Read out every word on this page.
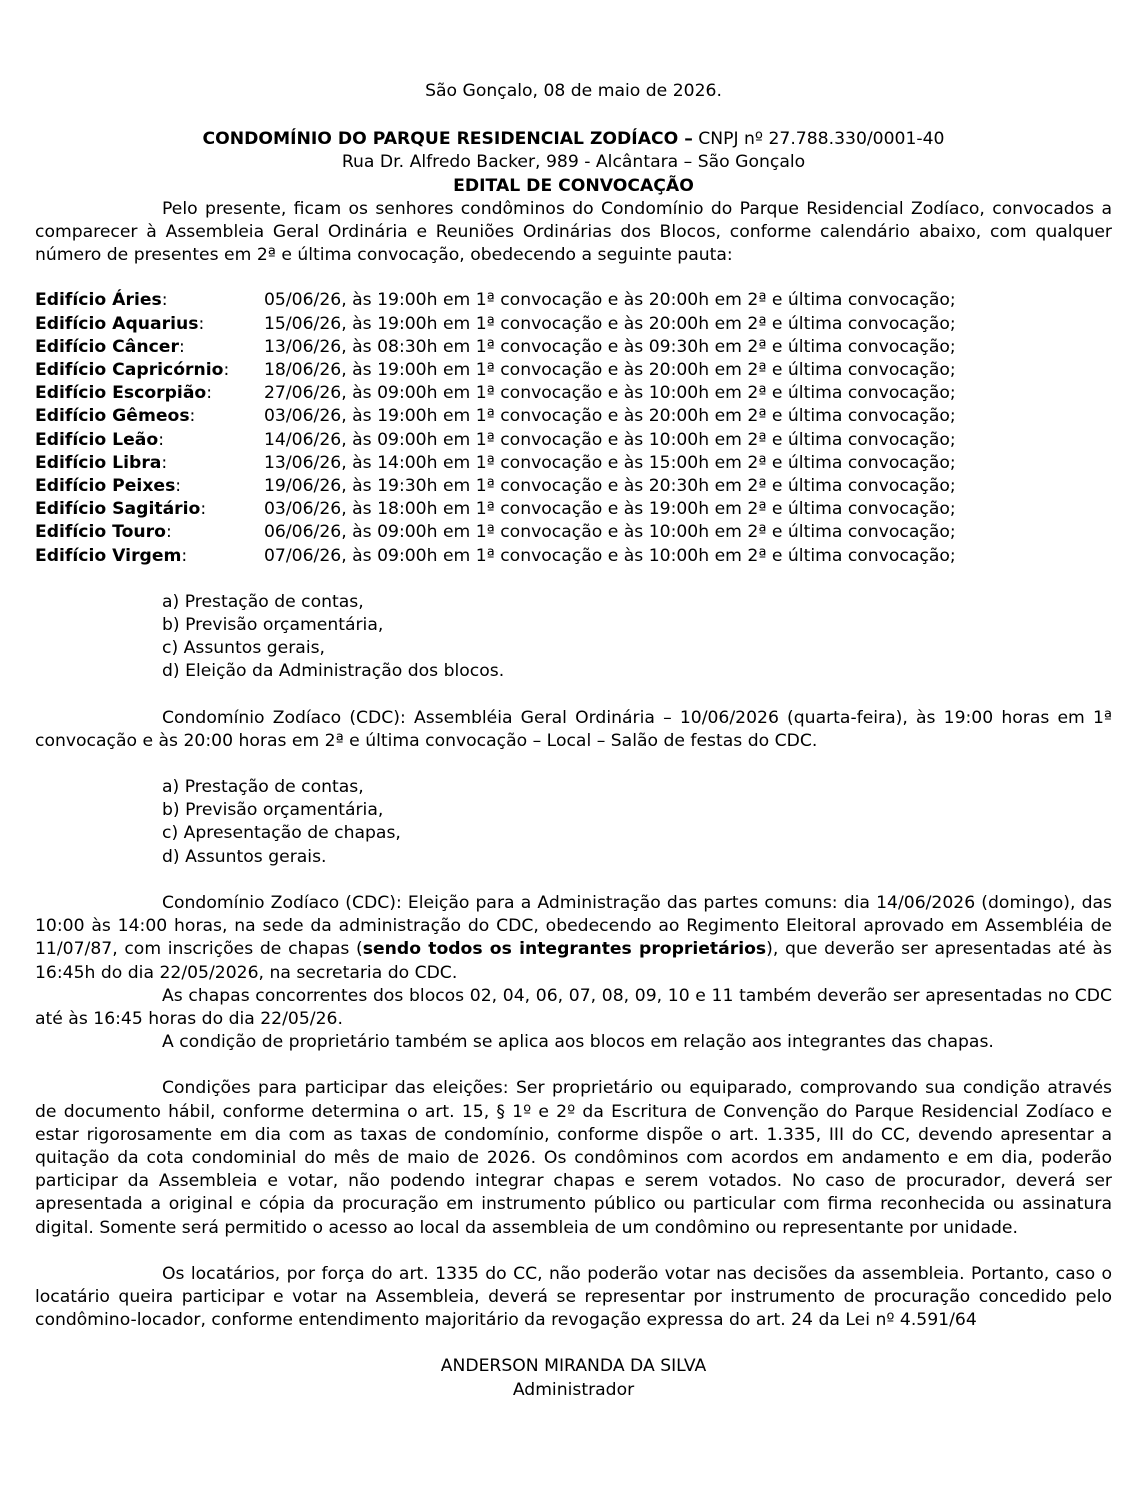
São Gonçalo, 08 de maio de 2026.
CONDOMÍNIO DO PARQUE RESIDENCIAL ZODÍACO – CNPJ nº 27.788.330/0001-40
Rua Dr. Alfredo Backer, 989 - Alcântara – São Gonçalo
EDITAL DE CONVOCAÇÃO
Pelo presente, ficam os senhores condôminos do Condomínio do Parque Residencial Zodíaco, convocados a comparecer à Assembleia Geral Ordinária e Reuniões Ordinárias dos Blocos, conforme calendário abaixo, com qualquer número de presentes em 2ª e última convocação, obedecendo a seguinte pauta:
Edifício Áries:	05/06/26, às 19:00h em 1ª convocação e às 20:00h em 2ª e última convocação;
Edifício Aquarius:	15/06/26, às 19:00h em 1ª convocação e às 20:00h em 2ª e última convocação;
Edifício Câncer:	13/06/26, às 08:30h em 1ª convocação e às 09:30h em 2ª e última convocação;
Edifício Capricórnio:	18/06/26, às 19:00h em 1ª convocação e às 20:00h em 2ª e última convocação;
Edifício Escorpião:	27/06/26, às 09:00h em 1ª convocação e às 10:00h em 2ª e última convocação;
Edifício Gêmeos:	03/06/26, às 19:00h em 1ª convocação e às 20:00h em 2ª e última convocação;
Edifício Leão:	14/06/26, às 09:00h em 1ª convocação e às 10:00h em 2ª e última convocação;
Edifício Libra:	13/06/26, às 14:00h em 1ª convocação e às 15:00h em 2ª e última convocação;
Edifício Peixes:	19/06/26, às 19:30h em 1ª convocação e às 20:30h em 2ª e última convocação;
Edifício Sagitário:	03/06/26, às 18:00h em 1ª convocação e às 19:00h em 2ª e última convocação;
Edifício Touro:	06/06/26, às 09:00h em 1ª convocação e às 10:00h em 2ª e última convocação;
Edifício Virgem:	07/06/26, às 09:00h em 1ª convocação e às 10:00h em 2ª e última convocação;
a) Prestação de contas,
b) Previsão orçamentária,
c) Assuntos gerais,
d) Eleição da Administração dos blocos.
Condomínio Zodíaco (CDC): Assembléia Geral Ordinária – 10/06/2026 (quarta-feira), às 19:00 horas em 1ª convocação e às 20:00 horas em 2ª e última convocação – Local – Salão de festas do CDC.
a) Prestação de contas,
b) Previsão orçamentária,
c) Apresentação de chapas,
d) Assuntos gerais.
Condomínio Zodíaco (CDC): Eleição para a Administração das partes comuns: dia 14/06/2026 (domingo), das 10:00 às 14:00 horas, na sede da administração do CDC, obedecendo ao Regimento Eleitoral aprovado em Assembléia de 11/07/87, com inscrições de chapas (sendo todos os integrantes proprietários), que deverão ser apresentadas até às 16:45h do dia 22/05/2026, na secretaria do CDC.
As chapas concorrentes dos blocos 02, 04, 06, 07, 08, 09, 10 e 11 também deverão ser apresentadas no CDC até às 16:45 horas do dia 22/05/26.
A condição de proprietário também se aplica aos blocos em relação aos integrantes das chapas.
Condições para participar das eleições: Ser proprietário ou equiparado, comprovando sua condição através de documento hábil, conforme determina o art. 15, § 1º e 2º da Escritura de Convenção do Parque Residencial Zodíaco e estar rigorosamente em dia com as taxas de condomínio, conforme dispõe o art. 1.335, III do CC, devendo apresentar a quitação da cota condominial do mês de maio de 2026. Os condôminos com acordos em andamento e em dia, poderão participar da Assembleia e votar, não podendo integrar chapas e serem votados. No caso de procurador, deverá ser apresentada a original e cópia da procuração em instrumento público ou particular com firma reconhecida ou assinatura digital. Somente será permitido o acesso ao local da assembleia de um condômino ou representante por unidade.
Os locatários, por força do art. 1335 do CC, não poderão votar nas decisões da assembleia. Portanto, caso o locatário queira participar e votar na Assembleia, deverá se representar por instrumento de procuração concedido pelo condômino-locador, conforme entendimento majoritário da revogação expressa do art. 24 da Lei nº 4.591/64
ANDERSON MIRANDA DA SILVA
Administrador
